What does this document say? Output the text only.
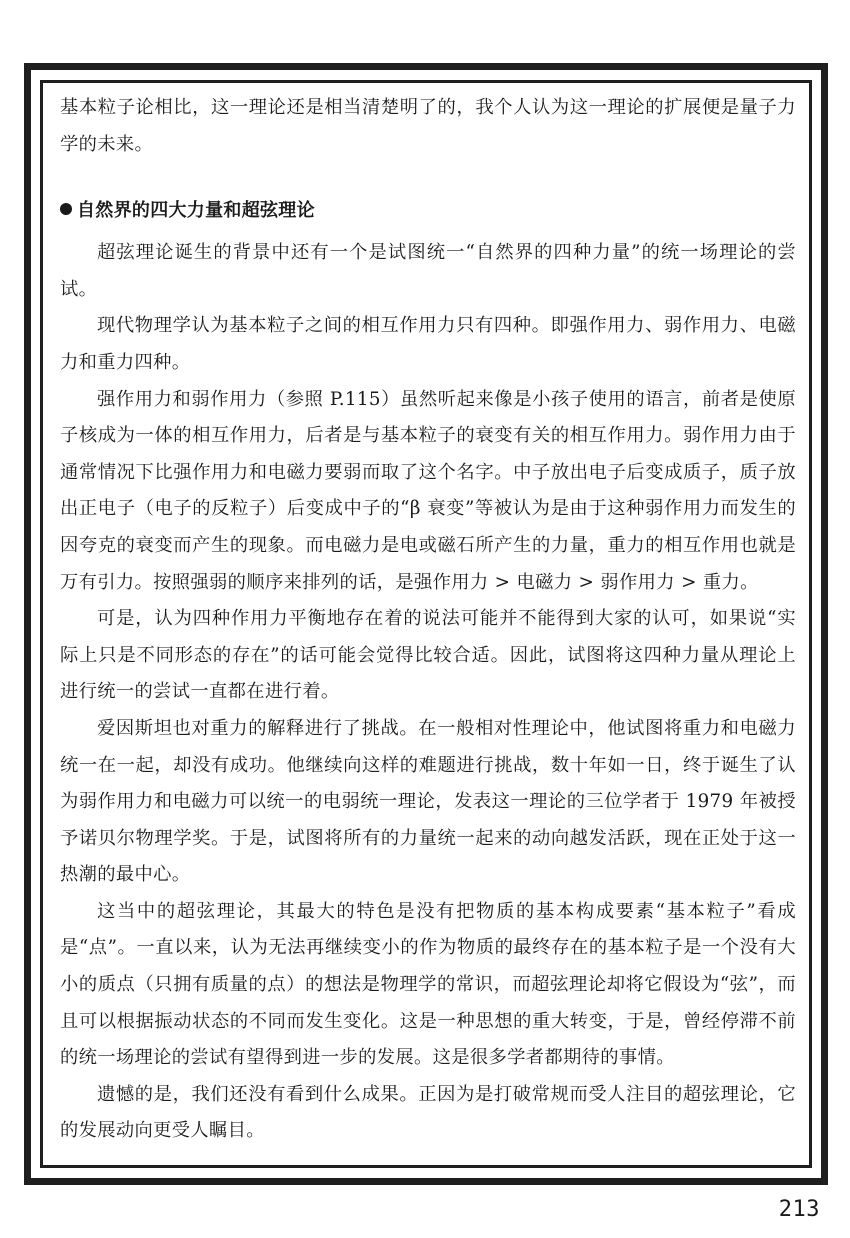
基本粒子论相比，这一理论还是相当清楚明了的，我个人认为这一理论的扩展便是量子力学的未来。

自然界的四大力量和超弦理论

超弦理论诞生的背景中还有一个是试图统一“自然界的四种力量”的统一场理论的尝试。

现代物理学认为基本粒子之间的相互作用力只有四种。即强作用力、弱作用力、电磁力和重力四种。

强作用力和弱作用力（参照 P.115）虽然听起来像是小孩子使用的语言，前者是使原子核成为一体的相互作用力，后者是与基本粒子的衰变有关的相互作用力。弱作用力由于通常情况下比强作用力和电磁力要弱而取了这个名字。中子放出电子后变成质子，质子放出正电子（电子的反粒子）后变成中子的“β 衰变”等被认为是由于这种弱作用力而发生的因夸克的衰变而产生的现象。而电磁力是电或磁石所产生的力量，重力的相互作用也就是万有引力。按照强弱的顺序来排列的话，是强作用力 > 电磁力 > 弱作用力 > 重力。

可是，认为四种作用力平衡地存在着的说法可能并不能得到大家的认可，如果说“实际上只是不同形态的存在”的话可能会觉得比较合适。因此，试图将这四种力量从理论上进行统一的尝试一直都在进行着。

爱因斯坦也对重力的解释进行了挑战。在一般相对性理论中，他试图将重力和电磁力统一在一起，却没有成功。他继续向这样的难题进行挑战，数十年如一日，终于诞生了认为弱作用力和电磁力可以统一的电弱统一理论，发表这一理论的三位学者于 1979 年被授予诺贝尔物理学奖。于是，试图将所有的力量统一起来的动向越发活跃，现在正处于这一热潮的最中心。

这当中的超弦理论，其最大的特色是没有把物质的基本构成要素“基本粒子”看成是“点”。一直以来，认为无法再继续变小的作为物质的最终存在的基本粒子是一个没有大小的质点（只拥有质量的点）的想法是物理学的常识，而超弦理论却将它假设为“弦”，而且可以根据振动状态的不同而发生变化。这是一种思想的重大转变，于是，曾经停滞不前的统一场理论的尝试有望得到进一步的发展。这是很多学者都期待的事情。

遗憾的是，我们还没有看到什么成果。正因为是打破常规而受人注目的超弦理论，它的发展动向更受人瞩目。

213
